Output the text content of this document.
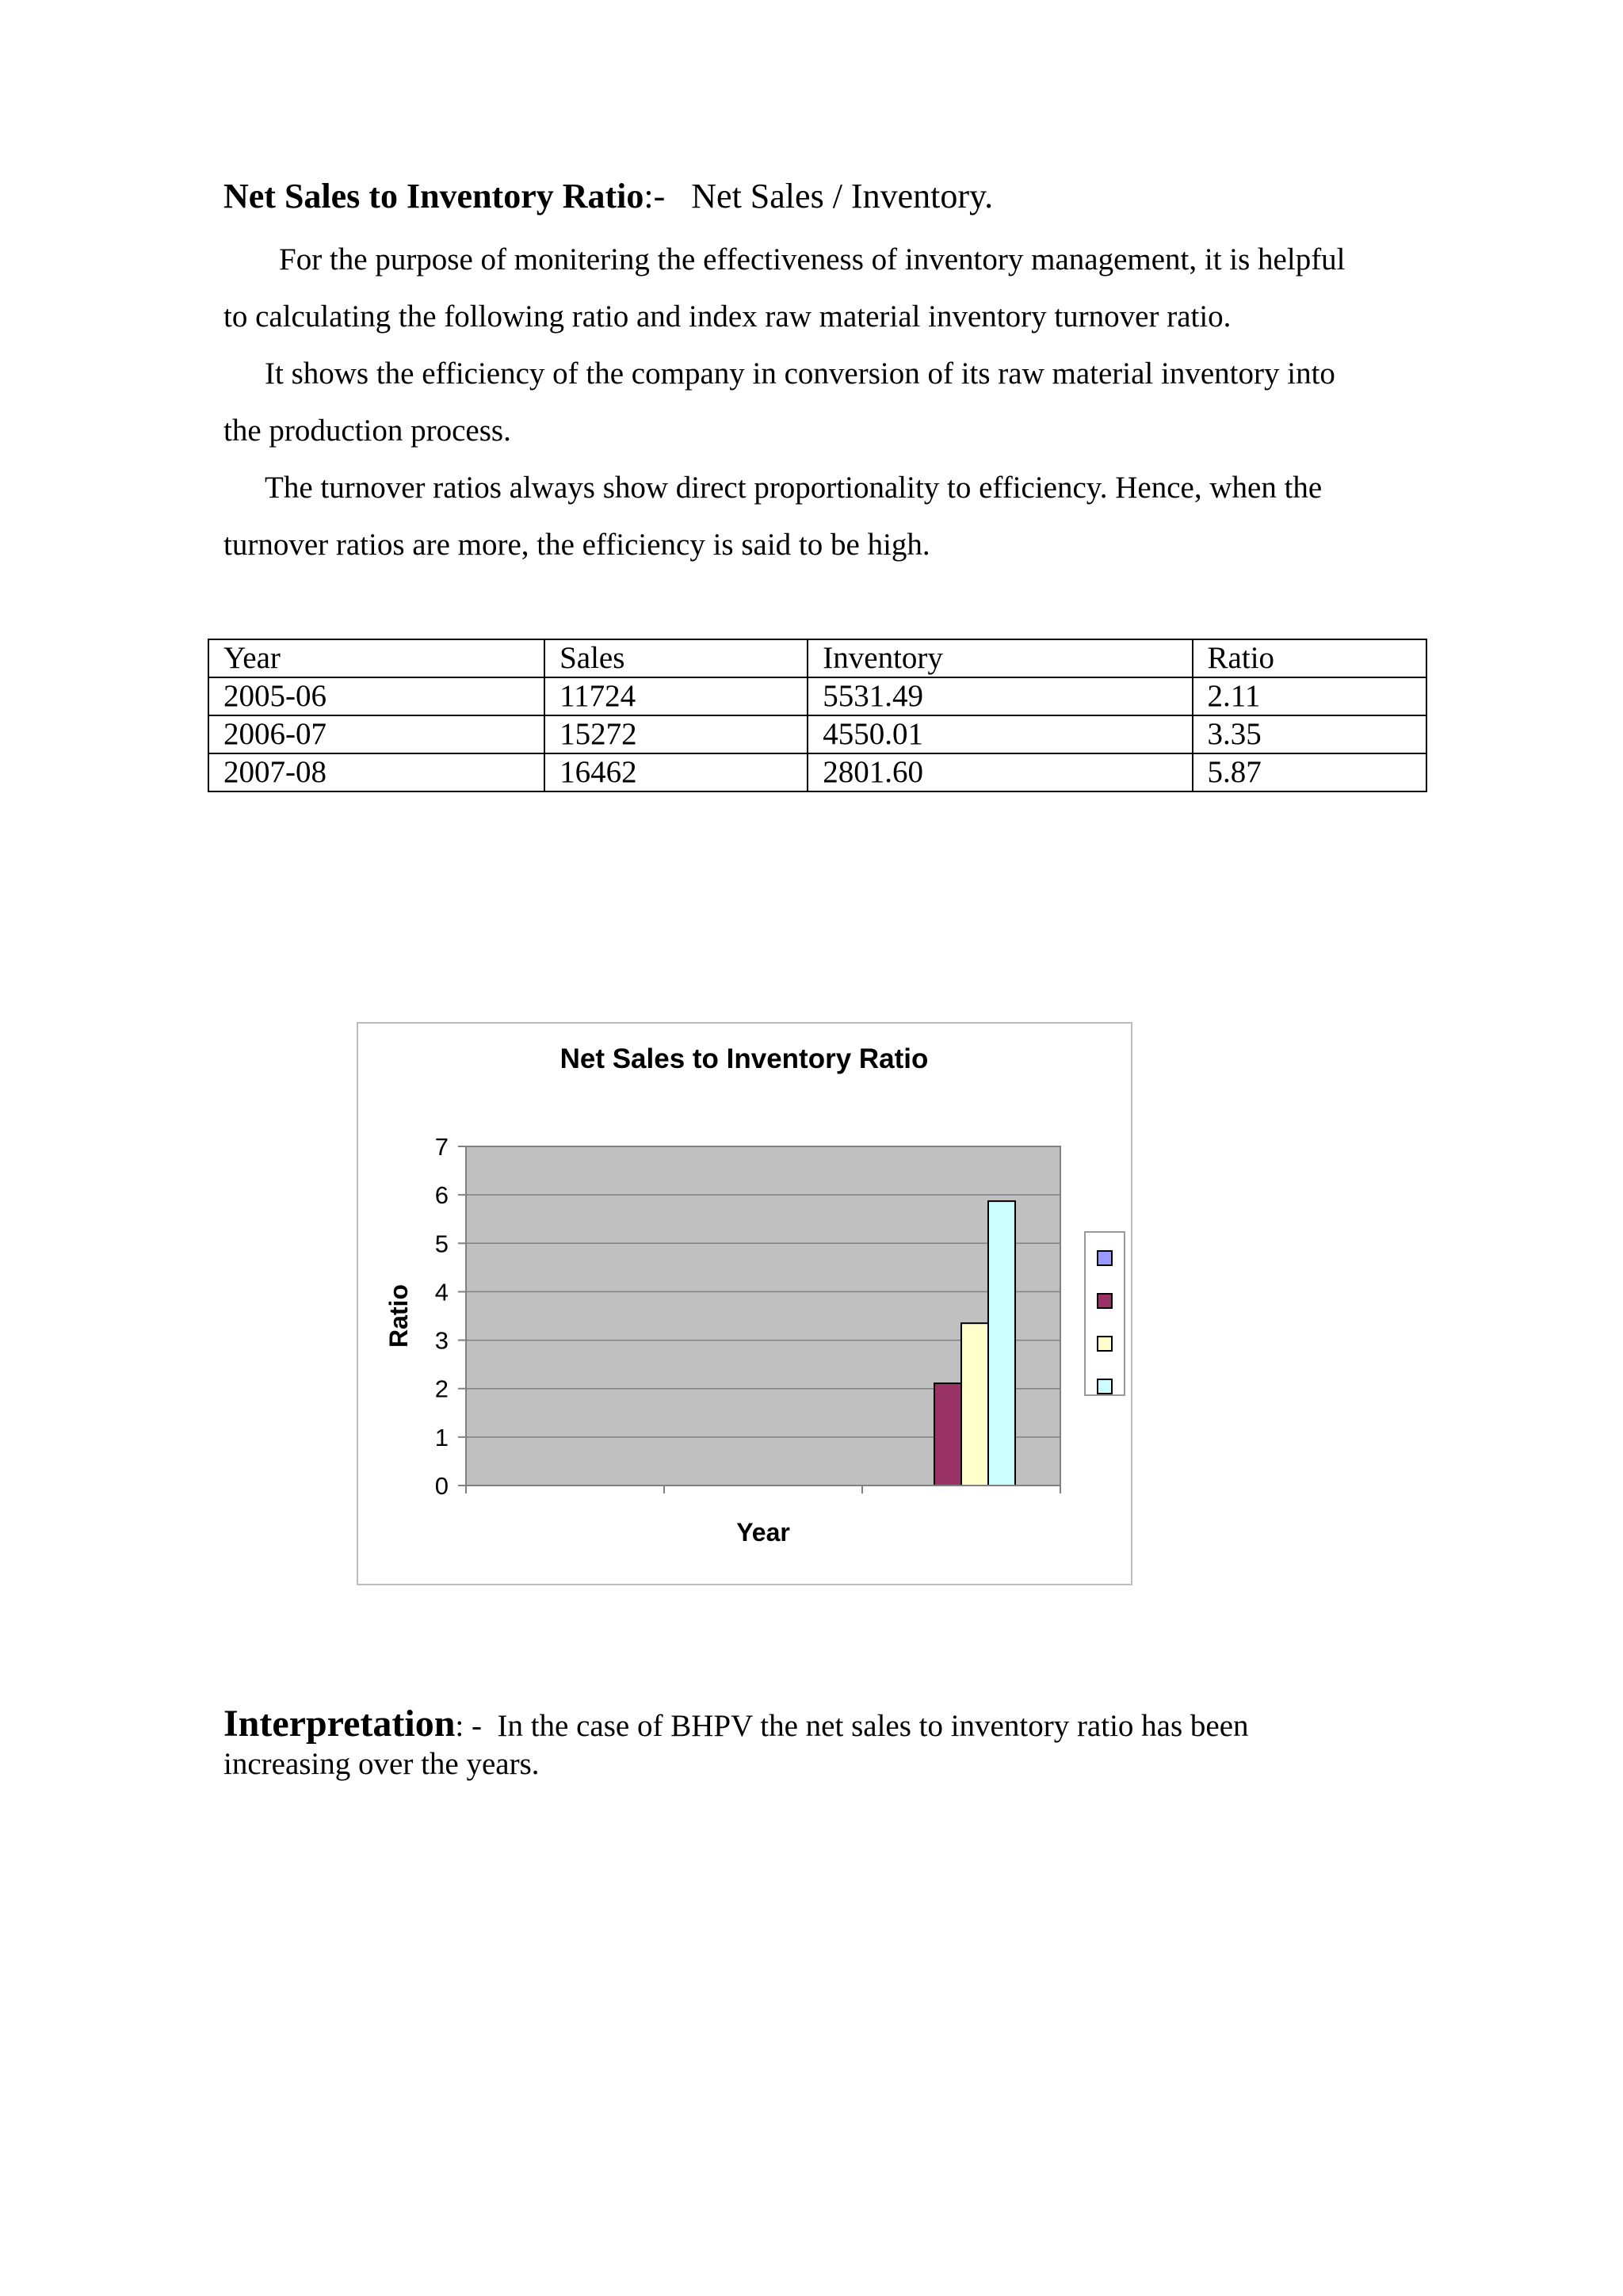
Net Sales to Inventory Ratio:- Net Sales / Inventory.

For the purpose of monitering the effectiveness of inventory management, it is helpful
to calculating the following ratio and index raw material inventory turnover ratio.

It shows the efficiency of the company in conversion of its raw material inventory into
the production process.

The turnover ratios always show direct proportionality to efficiency. Hence, when the
turnover ratios are more, the efficiency is said to be high.

Year	Sales	Inventory	Ratio
2005-06	11724	5531.49	2.11
2006-07	15272	4550.01	3.35
2007-08	16462	2801.60	5.87
Net Sales to Inventory Ratio
0
1
2
3
4
5
6
7
Ratio
Year
Interpretation: - In the case of BHPV the net sales to inventory ratio has been
increasing over the years.
